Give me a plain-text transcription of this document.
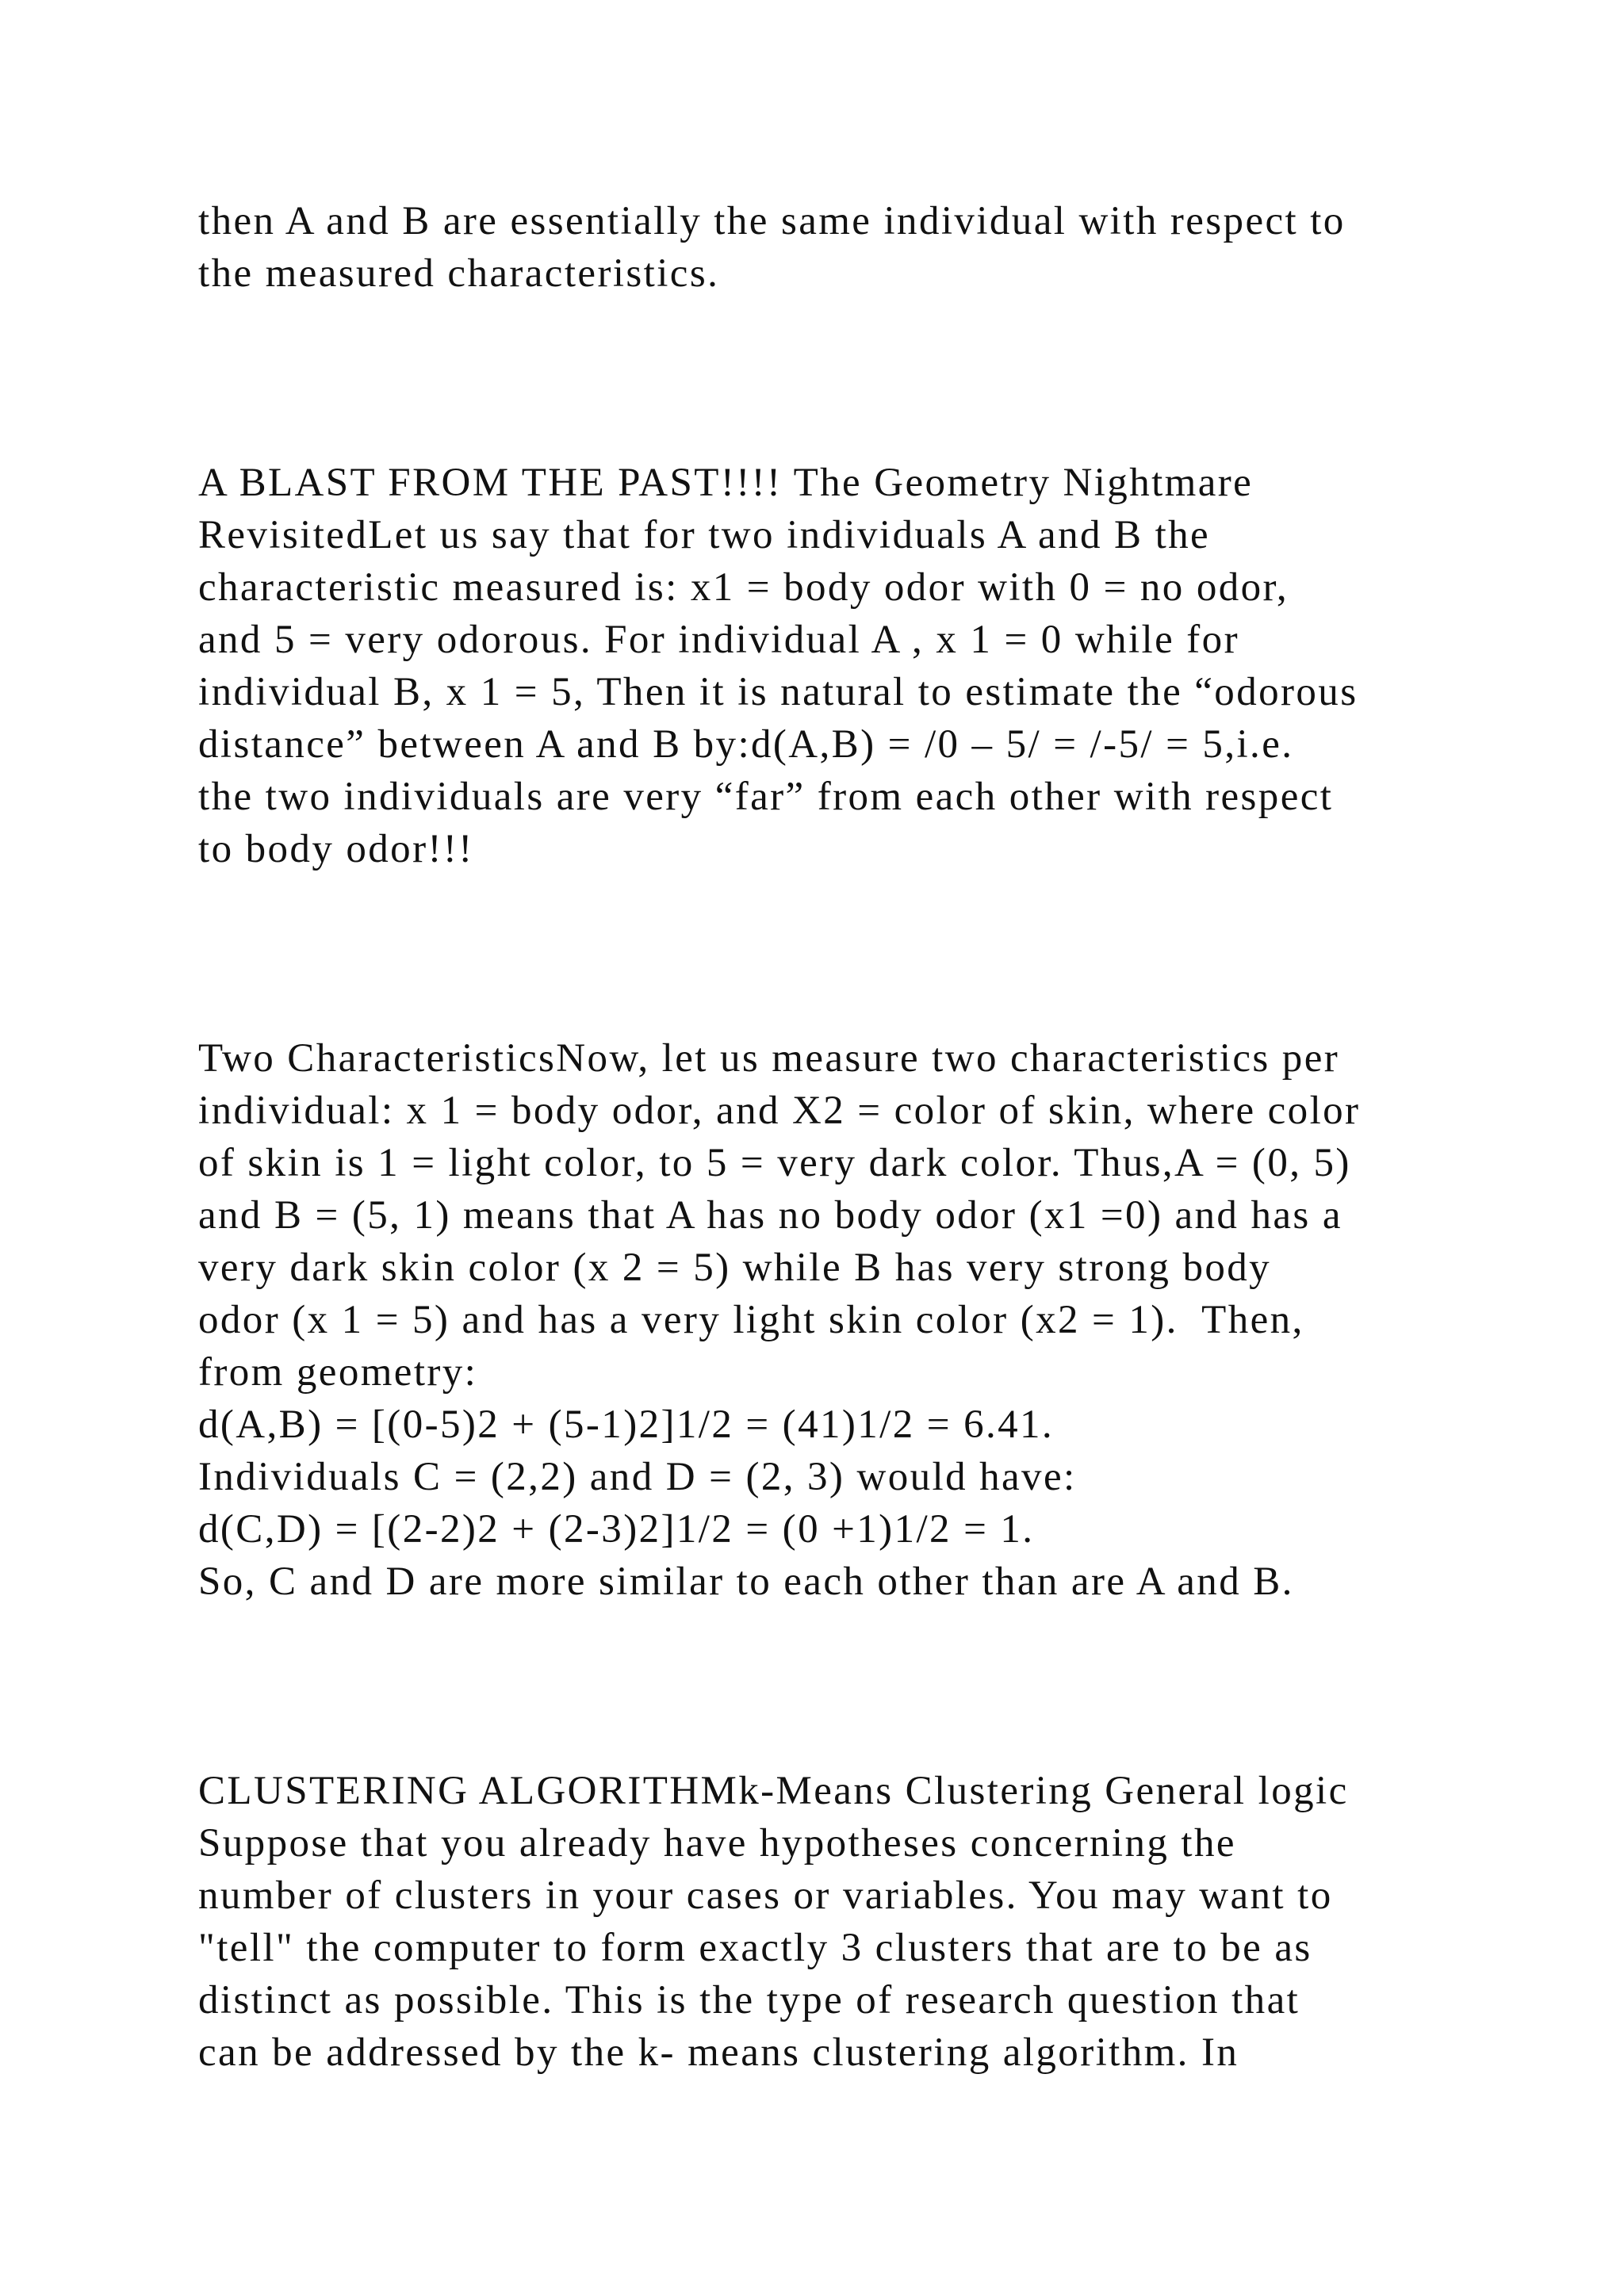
then A and B are essentially the same individual with respect to

the measured characteristics.

A BLAST FROM THE PAST!!!! The Geometry Nightmare

RevisitedLet us say that for two individuals A and B the

characteristic measured is: x1 = body odor with 0 = no odor,

and 5 = very odorous. For individual A , x 1 = 0 while for

individual B, x 1 = 5, Then it is natural to estimate the “odorous

distance” between A and B by:d(A,B) = /0 – 5/ = /-5/ = 5,i.e.

the two individuals are very “far” from each other with respect

to body odor!!!

Two CharacteristicsNow, let us measure two characteristics per

individual: x 1 = body odor, and X2 = color of skin, where color

of skin is 1 = light color, to 5 = very dark color. Thus,A = (0, 5)

and B = (5, 1) means that A has no body odor (x1 =0) and has a

very dark skin color (x 2 = 5) while B has very strong body

odor (x 1 = 5) and has a very light skin color (x2 = 1).  Then,

from geometry:

d(A,B) = [(0-5)2 + (5-1)2]1/2 = (41)1/2 = 6.41.

Individuals C = (2,2) and D = (2, 3) would have:

d(C,D) = [(2-2)2 + (2-3)2]1/2 = (0 +1)1/2 = 1.

So, C and D are more similar to each other than are A and B.

CLUSTERING ALGORITHMk-Means Clustering General logic

Suppose that you already have hypotheses concerning the

number of clusters in your cases or variables. You may want to

"tell" the computer to form exactly 3 clusters that are to be as

distinct as possible. This is the type of research question that

can be addressed by the k- means clustering algorithm. In
